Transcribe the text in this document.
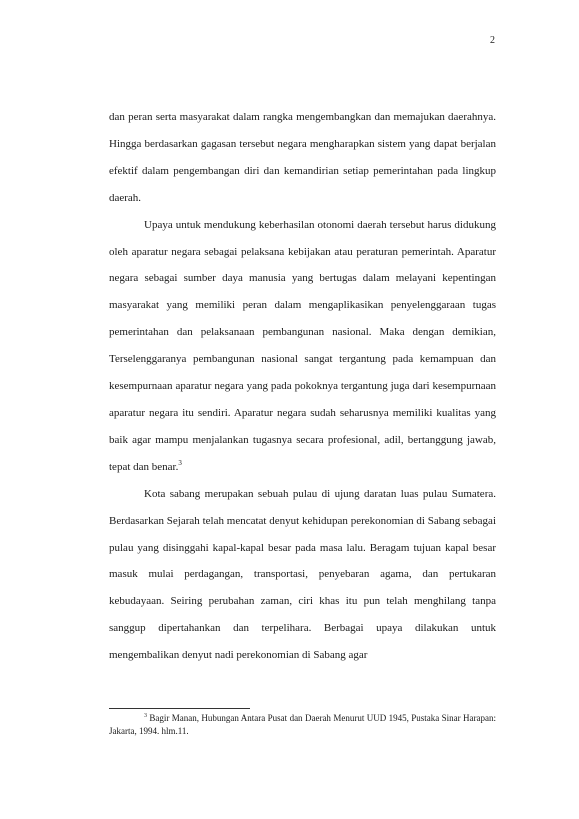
2

dan peran serta masyarakat dalam rangka mengembangkan dan memajukan daerahnya. Hingga berdasarkan gagasan tersebut negara mengharapkan sistem yang dapat berjalan efektif dalam pengembangan diri dan kemandirian setiap pemerintahan pada lingkup daerah.

Upaya untuk mendukung keberhasilan otonomi daerah tersebut harus didukung oleh aparatur negara sebagai pelaksana kebijakan atau peraturan pemerintah. Aparatur negara sebagai sumber daya manusia yang bertugas dalam melayani kepentingan masyarakat yang memiliki peran dalam mengaplikasikan penyelenggaraan tugas pemerintahan dan pelaksanaan pembangunan nasional. Maka dengan demikian, Terselenggaranya pembangunan nasional sangat tergantung pada kemampuan dan kesempurnaan aparatur negara yang pada pokoknya tergantung juga dari kesempurnaan aparatur negara itu sendiri. Aparatur negara sudah seharusnya memiliki kualitas yang baik agar mampu menjalankan tugasnya secara profesional, adil, bertanggung jawab, tepat dan benar.$^3$

Kota sabang merupakan sebuah pulau di ujung daratan luas pulau Sumatera. Berdasarkan Sejarah telah mencatat denyut kehidupan perekonomian di Sabang sebagai pulau yang disinggahi kapal-kapal besar pada masa lalu. Beragam tujuan kapal besar masuk mulai perdagangan, transportasi, penyebaran agama, dan pertukaran kebudayaan. Seiring perubahan zaman, ciri khas itu pun telah menghilang tanpa sanggup dipertahankan dan terpelihara. Berbagai upaya dilakukan untuk mengembalikan denyut nadi perekonomian di Sabang agar

$^3$ Bagir Manan, Hubungan Antara Pusat dan Daerah Menurut UUD 1945, Pustaka Sinar Harapan: Jakarta, 1994. hlm.11.
